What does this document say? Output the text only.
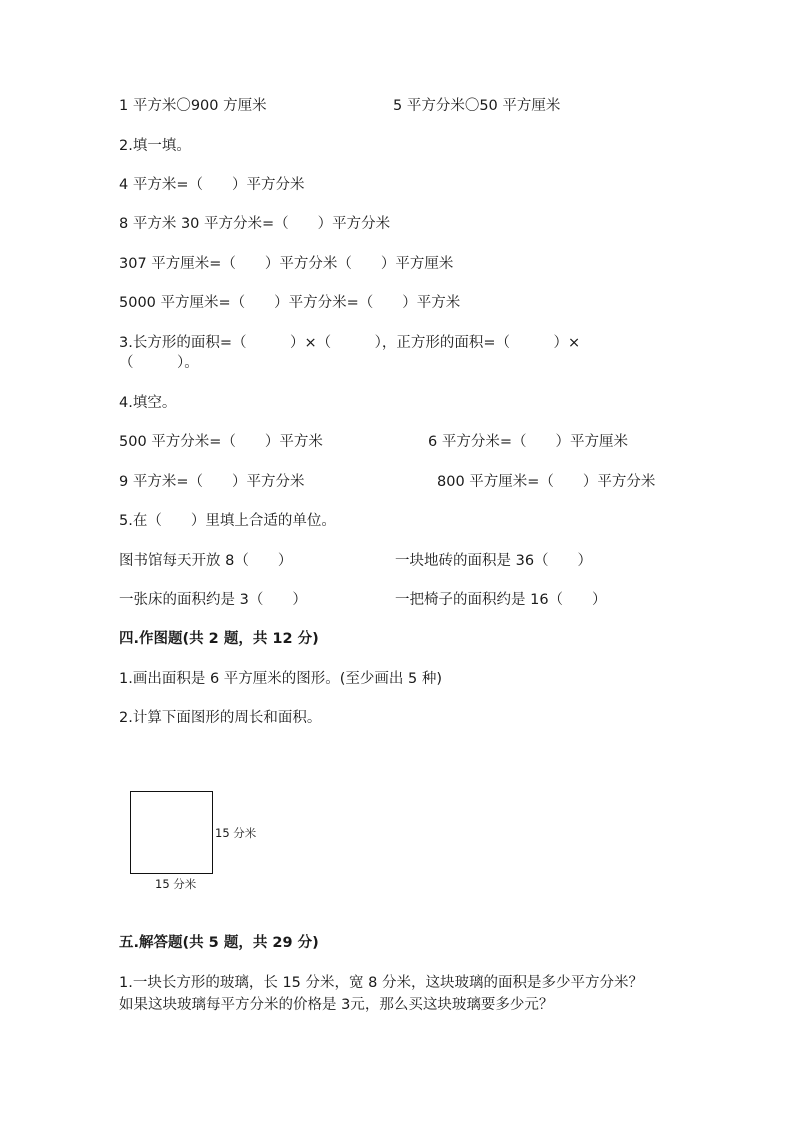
1 平方米〇900 方厘米	5 平方分米〇50 平方厘米
2.填一填。
4 平方米=（　　）平方分米
8 平方米 30 平方分米=（　　）平方分米
307 平方厘米=（　　）平方分米（　　）平方厘米
5000 平方厘米=（　　）平方分米=（　　）平方米
3.长方形的面积=（　　　）×（　　　），正方形的面积=（　　　）×
（　　　）。
4.填空。
500 平方分米=（　　）平方米	6 平方分米=（　　）平方厘米
9 平方米=（　　）平方分米	800 平方厘米=（　　）平方分米
5.在（　　）里填上合适的单位。
图书馆每天开放 8（　　）	一块地砖的面积是 36（　　）
一张床的面积约是 3（　　）	一把椅子的面积约是 16（　　）
四.作图题(共 2 题，共 12 分)
1.画出面积是 6 平方厘米的图形。(至少画出 5 种)
2.计算下面图形的周长和面积。
15 分米
15 分米
五.解答题(共 5 题，共 29 分)
1.一块长方形的玻璃，长 15 分米，宽 8 分米，这块玻璃的面积是多少平方分米？
如果这块玻璃每平方分米的价格是 3元，那么买这块玻璃要多少元？
